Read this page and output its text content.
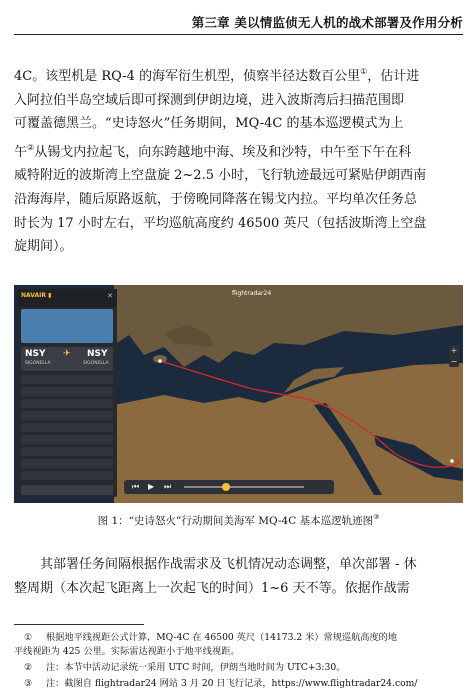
第三章 美以情监侦无人机的战术部署及作用分析

4C。该型机是 RQ-4 的海军衍生机型，侦察半径达数百公里①，估计进
入阿拉伯半岛空域后即可探测到伊朗边境，进入波斯湾后扫描范围即
可覆盖德黑兰。“史诗怒火”任务期间，MQ-4C 的基本巡逻模式为上
午②从锡戈内拉起飞，向东跨越地中海、埃及和沙特，中午至下午在科
威特附近的波斯湾上空盘旋 2~2.5 小时，飞行轨迹最远可紧贴伊朗西南
沿海海岸，随后原路返航，于傍晚同降落在锡戈内拉。平均单次任务总
时长为 17 小时左右，平均巡航高度约 46500 英尺（包括波斯湾上空盘
旋期间）。

flightradar24
NAVAIR ▮	✕
NSY ✈ NSY
SIGONELLA	SIGONELLA
⏮ ▶ ⏭
+
−
图 1：“史诗怒火”行动期间美海军 MQ-4C 基本巡逻轨迹图③

其部署任务间隔根据作战需求及飞机情况动态调整，单次部署 - 休
整周期（本次起飞距离上一次起飞的时间）1~6 天不等。依据作战需

① 根据地平线视距公式计算，MQ-4C 在 46500 英尺（14173.2 米）常规巡航高度的地

平线视距为 425 公里。实际雷达视距小于地平线视距。

② 注：本节中活动记录统一采用 UTC 时间，伊朗当地时间为 UTC+3:30。

③ 注：截图自 flightradar24 网站 3 月 20 日飞行记录，https://www.flightradar24.com/
